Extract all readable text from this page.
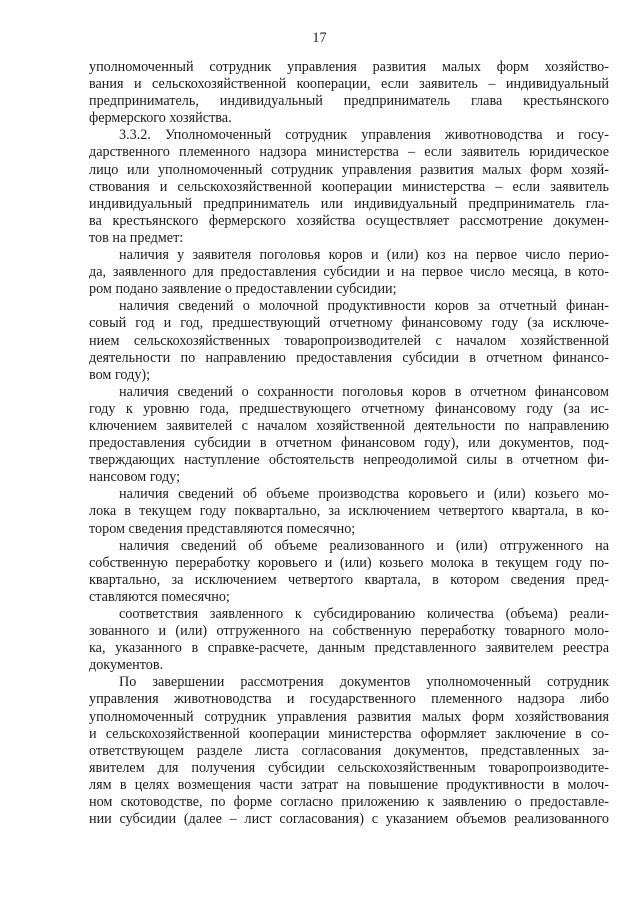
17
уполномоченный сотрудник управления развития малых форм хозяйство-
вания и сельскохозяйственной кооперации, если заявитель – индивидуальный
предприниматель, индивидуальный предприниматель глава крестьянского
фермерского хозяйства.
3.3.2. Уполномоченный сотрудник управления животноводства и госу-
дарственного племенного надзора министерства – если заявитель юридическое
лицо или уполномоченный сотрудник управления развития малых форм хозяй-
ствования и сельскохозяйственной кооперации министерства – если заявитель
индивидуальный предприниматель или индивидуальный предприниматель гла-
ва крестьянского фермерского хозяйства осуществляет рассмотрение докумен-
тов на предмет:
наличия у заявителя поголовья коров и (или) коз на первое число перио-
да, заявленного для предоставления субсидии и на первое число месяца, в кото-
ром подано заявление о предоставлении субсидии;
наличия сведений о молочной продуктивности коров за отчетный финан-
совый год и год, предшествующий отчетному финансовому году (за исключе-
нием сельскохозяйственных товаропроизводителей с началом хозяйственной
деятельности по направлению предоставления субсидии в отчетном финансо-
вом году);
наличия сведений о сохранности поголовья коров в отчетном финансовом
году к уровню года, предшествующего отчетному финансовому году (за ис-
ключением заявителей с началом хозяйственной деятельности по направлению
предоставления субсидии в отчетном финансовом году), или документов, под-
тверждающих наступление обстоятельств непреодолимой силы в отчетном фи-
нансовом году;
наличия сведений об объеме производства коровьего и (или) козьего мо-
лока в текущем году поквартально, за исключением четвертого квартала, в ко-
тором сведения представляются помесячно;
наличия сведений об объеме реализованного и (или) отгруженного на
собственную переработку коровьего и (или) козьего молока в текущем году по-
квартально, за исключением четвертого квартала, в котором сведения пред-
ставляются помесячно;
соответствия заявленного к субсидированию количества (объема) реали-
зованного и (или) отгруженного на собственную переработку товарного моло-
ка, указанного в справке-расчете, данным представленного заявителем реестра
документов.
По завершении рассмотрения документов уполномоченный сотрудник
управления животноводства и государственного племенного надзора либо
уполномоченный сотрудник управления развития малых форм хозяйствования
и сельскохозяйственной кооперации министерства оформляет заключение в со-
ответствующем разделе листа согласования документов, представленных за-
явителем для получения субсидии сельскохозяйственным товаропроизводите-
лям в целях возмещения части затрат на повышение продуктивности в молоч-
ном скотоводстве, по форме согласно приложению к заявлению о предоставле-
нии субсидии (далее – лист согласования) с указанием объемов реализованного
